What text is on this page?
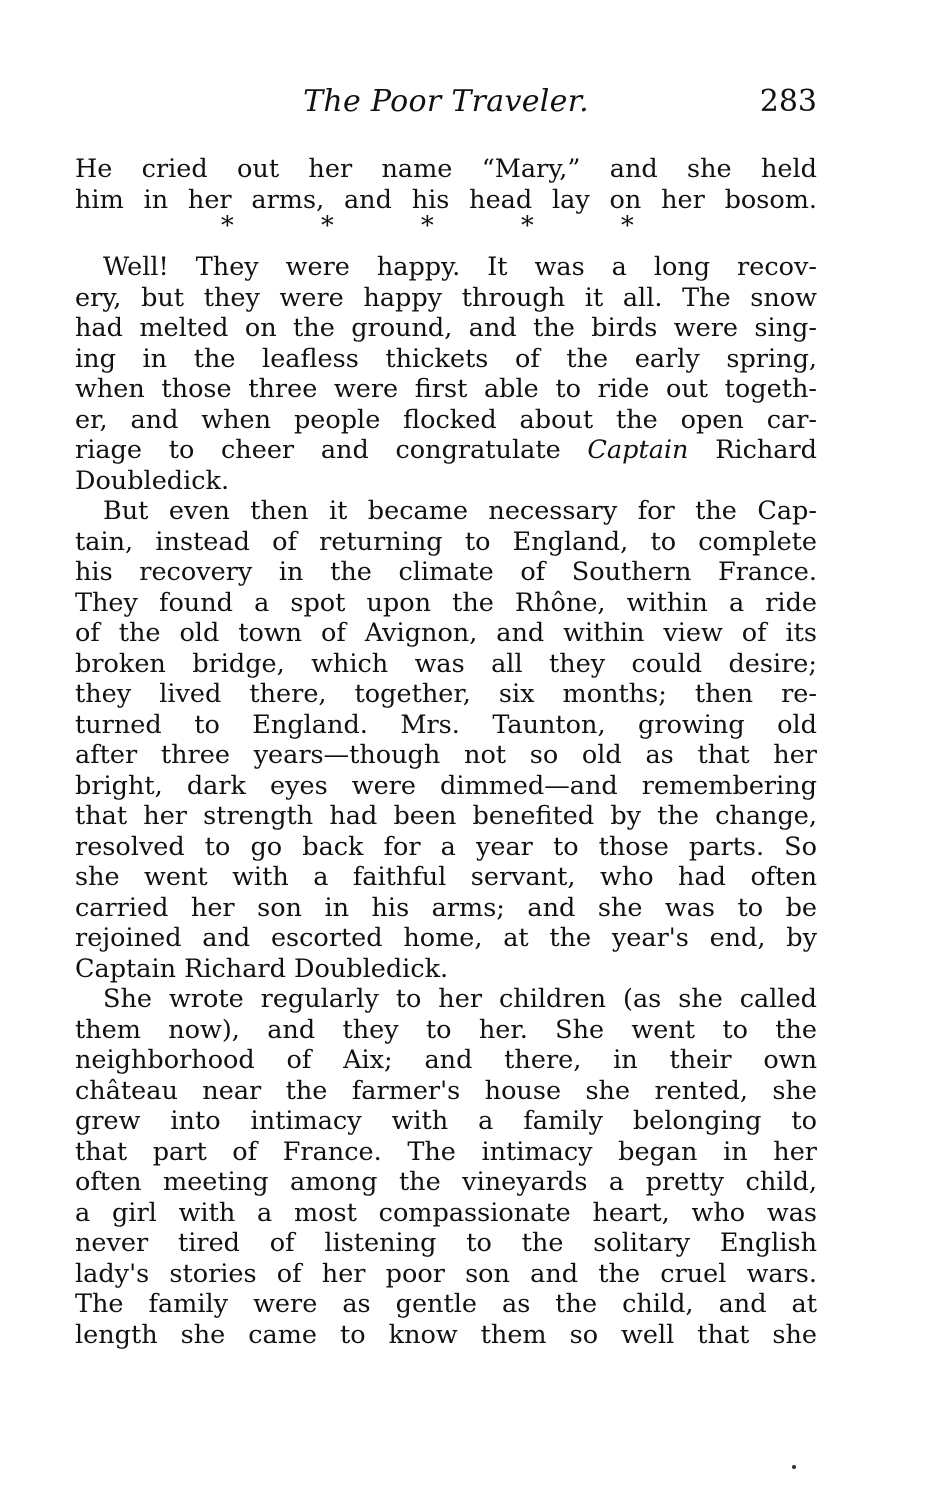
The Poor Traveler.	283
He cried out her name “Mary,” and she held
him in her arms, and his head lay on her bosom.
*	*	*	*	*
Well! They were happy. It was a long recov-
ery, but they were happy through it all. The snow
had melted on the ground, and the birds were sing-
ing in the leafless thickets of the early spring,
when those three were first able to ride out togeth-
er, and when people flocked about the open car-
riage to cheer and congratulate Captain Richard
Doubledick.
But even then it became necessary for the Cap-
tain, instead of returning to England, to complete
his recovery in the climate of Southern France.
They found a spot upon the Rhône, within a ride
of the old town of Avignon, and within view of its
broken bridge, which was all they could desire;
they lived there, together, six months; then re-
turned to England. Mrs. Taunton, growing old
after three years—though not so old as that her
bright, dark eyes were dimmed—and remembering
that her strength had been benefited by the change,
resolved to go back for a year to those parts. So
she went with a faithful servant, who had often
carried her son in his arms; and she was to be
rejoined and escorted home, at the year's end, by
Captain Richard Doubledick.
She wrote regularly to her children (as she called
them now), and they to her. She went to the
neighborhood of Aix; and there, in their own
château near the farmer's house she rented, she
grew into intimacy with a family belonging to
that part of France. The intimacy began in her
often meeting among the vineyards a pretty child,
a girl with a most compassionate heart, who was
never tired of listening to the solitary English
lady's stories of her poor son and the cruel wars.
The family were as gentle as the child, and at
length she came to know them so well that she
